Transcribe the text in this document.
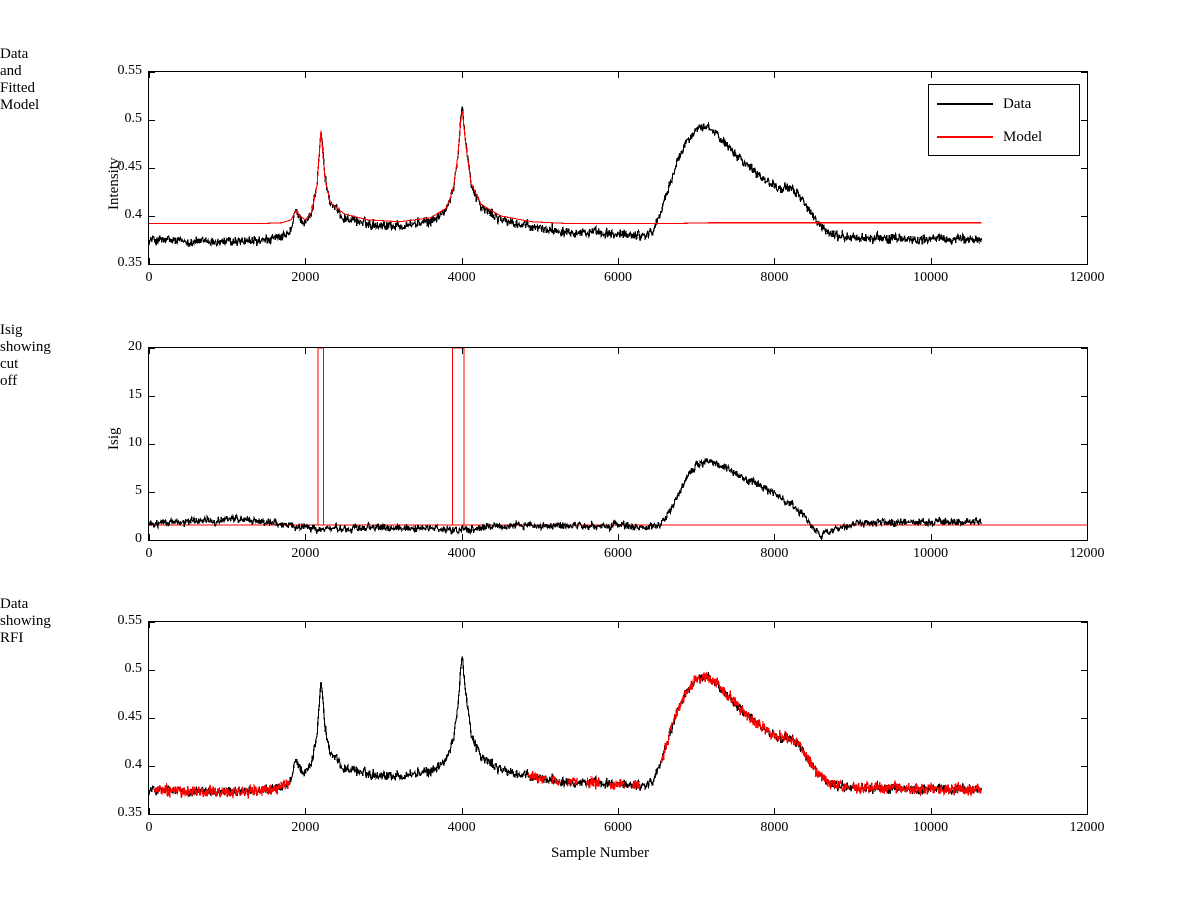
Data and Fitted Model
Intensity
0.35
0.4
0.45
0.5
0.55
0	2000	4000	6000	8000	10000	12000
Data
Model
Isig showing cut off
Isig
0
5
10
15
20
0	2000	4000	6000	8000	10000	12000
Data showing RFI
0.35
0.4
0.45
0.5
0.55
0	2000	4000	6000	8000	10000	12000
Sample Number
